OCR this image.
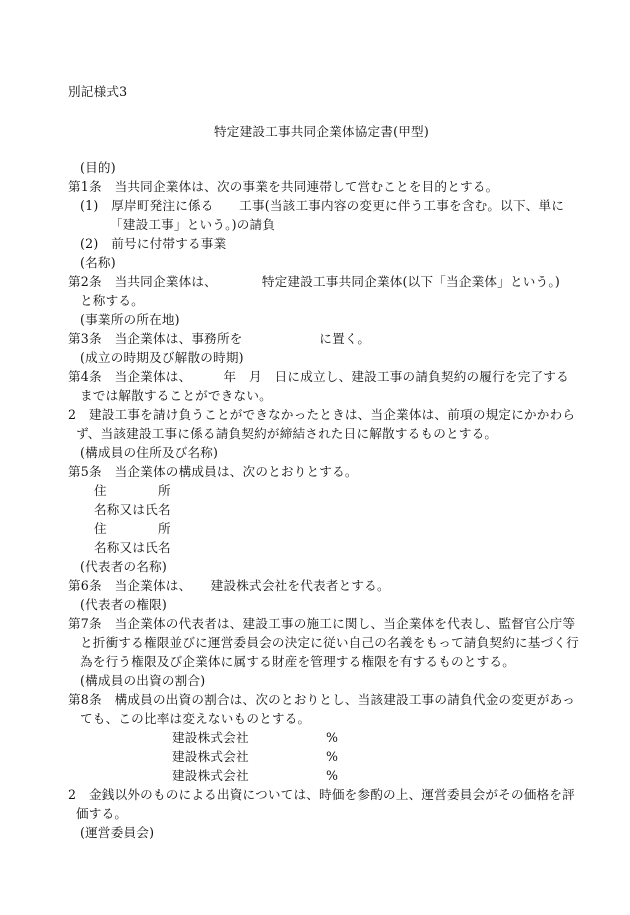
別記様式3
特定建設工事共同企業体協定書(甲型)
(目的)
第1条　当共同企業体は、次の事業を共同連帯して営むことを目的とする。
(1)　厚岸町発注に係る　　工事(当該工事内容の変更に伴う工事を含む。以下、単に
「建設工事」という。)の請負
(2)　前号に付帯する事業
(名称)
第2条　当共同企業体は、　　　　特定建設工事共同企業体(以下「当企業体」という。)
と称する。
(事業所の所在地)
第3条　当企業体は、事務所を　　　　　　に置く。
(成立の時期及び解散の時期)
第4条　当企業体は、　　　年　月　日に成立し、建設工事の請負契約の履行を完了する
までは解散することができない。
2　建設工事を請け負うことができなかったときは、当企業体は、前項の規定にかかわら
ず、当該建設工事に係る請負契約が締結された日に解散するものとする。
(構成員の住所及び名称)
第5条　当企業体の構成員は、次のとおりとする。
住　　　　所
名称又は氏名
住　　　　所
名称又は氏名
(代表者の名称)
第6条　当企業体は、　　建設株式会社を代表者とする。
(代表者の権限)
第7条　当企業体の代表者は、建設工事の施工に関し、当企業体を代表し、監督官公庁等
と折衝する権限並びに運営委員会の決定に従い自己の名義をもって請負契約に基づく行
為を行う権限及び企業体に属する財産を管理する権限を有するものとする。
(構成員の出資の割合)
第8条　構成員の出資の割合は、次のとおりとし、当該建設工事の請負代金の変更があっ
ても、この比率は変えないものとする。
建設株式会社	%
建設株式会社	%
建設株式会社	%
2　金銭以外のものによる出資については、時価を参酌の上、運営委員会がその価格を評
価する。
(運営委員会)
